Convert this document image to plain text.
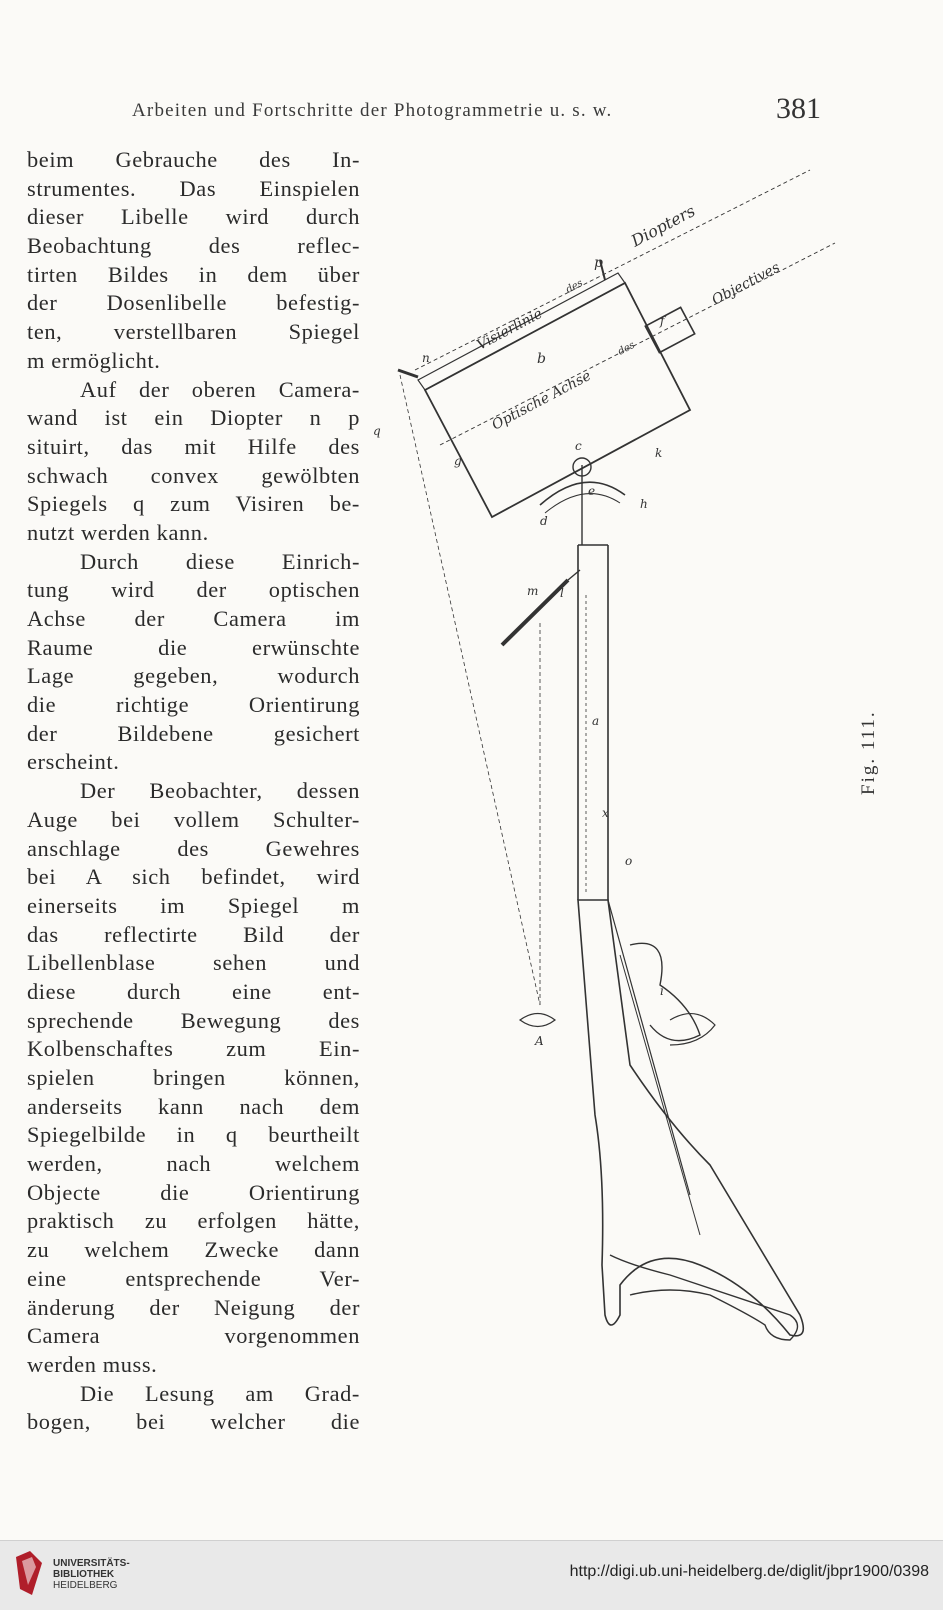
Arbeiten und Fortschritte der Photogrammetrie u. s. w.	381
beim Gebrauche des In-
strumentes. Das Einspielen
dieser Libelle wird durch
Beobachtung des reflec-
tirten Bildes in dem über
der Dosenlibelle befestig-
ten, verstellbaren Spiegel
m ermöglicht.
Auf der oberen Camera-
wand ist ein Diopter n p
situirt, das mit Hilfe des
schwach convex gewölbten
Spiegels q zum Visiren be-
nutzt werden kann.
Durch diese Einrich-
tung wird der optischen
Achse der Camera im
Raume die erwünschte
Lage gegeben, wodurch
die richtige Orientirung
der Bildebene gesichert
erscheint.
Der Beobachter, dessen
Auge bei vollem Schulter-
anschlage des Gewehres
bei A sich befindet, wird
einerseits im Spiegel m
das reflectirte Bild der
Libellenblase sehen und
diese durch eine ent-
sprechende Bewegung des
Kolbenschaftes zum Ein-
spielen bringen können,
anderseits kann nach dem
Spiegelbilde in q beurtheilt
werden, nach welchem
Objecte die Orientirung
praktisch zu erfolgen hätte,
zu welchem Zwecke dann
eine entsprechende Ver-
änderung der Neigung der
Camera vorgenommen
werden muss.
Die Lesung am Grad-
bogen, bei welcher die
Fig. 111.
Diopters
Objectives
Visierlinie
des
Optische Achse
des
p
n
q
b
c	k
h
e
g
d
m l
a
x
i
A
o
f
UNIVERSITÄTS-
BIBLIOTHEK
HEIDELBERG
http://digi.ub.uni-heidelberg.de/diglit/jbpr1900/0398
